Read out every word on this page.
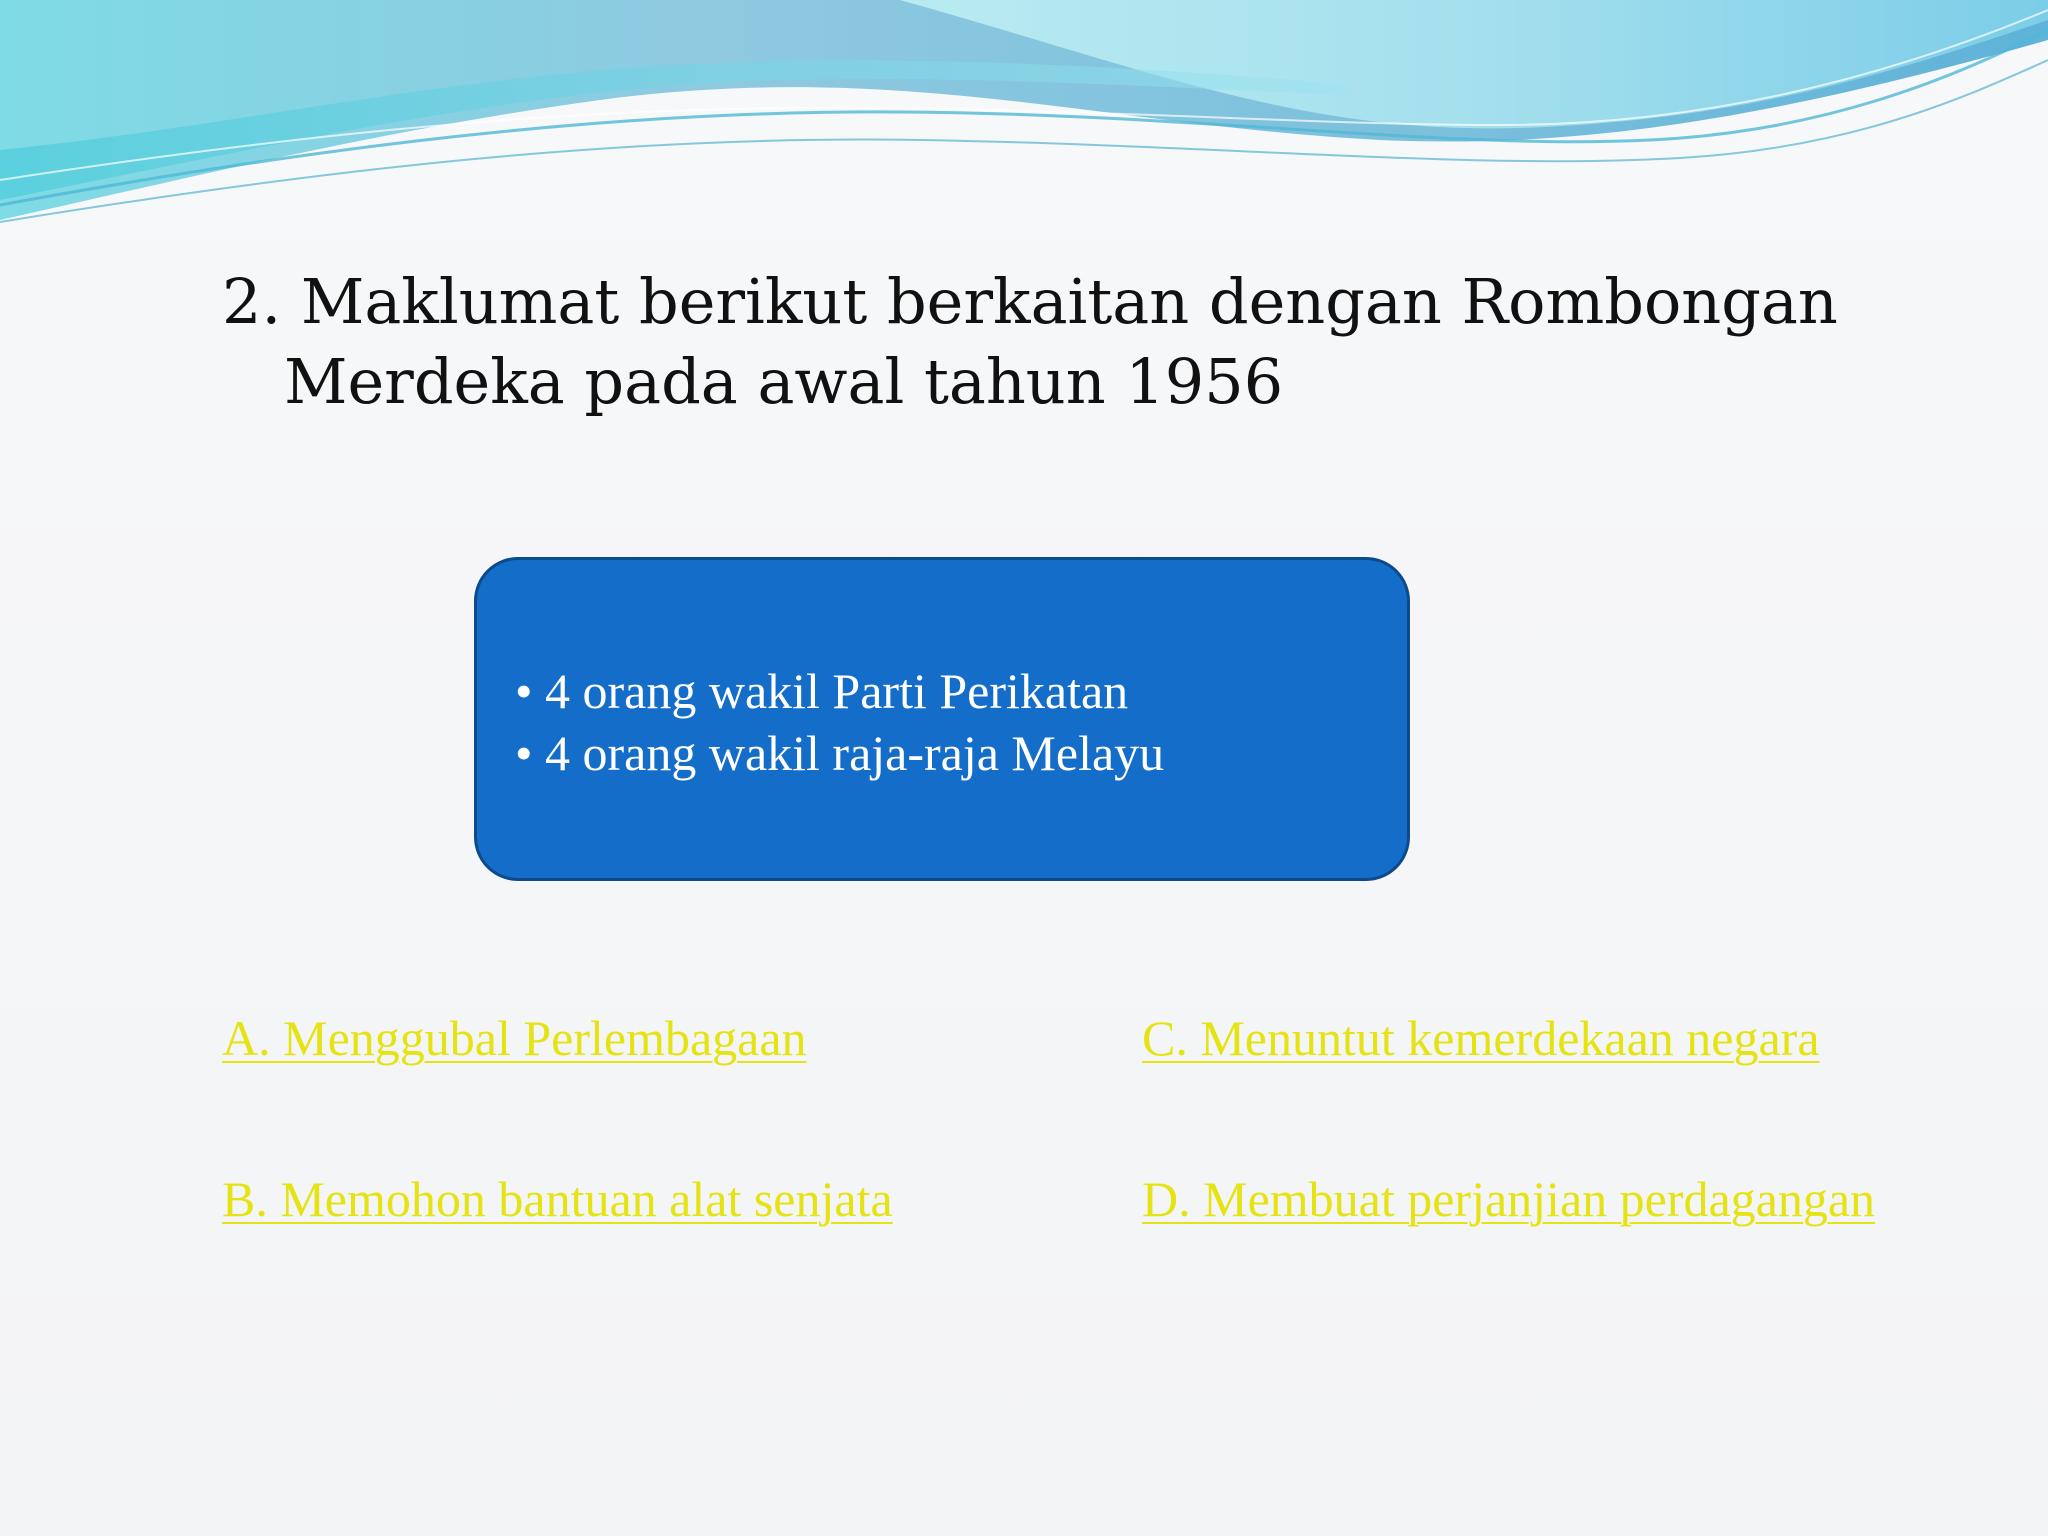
2. Maklumat berikut berkaitan dengan Rombongan
Merdeka pada awal tahun 1956
• 4 orang wakil Parti Perikatan
• 4 orang wakil raja-raja Melayu
A. Menggubal Perlembagaan
B. Memohon bantuan alat senjata
C. Menuntut kemerdekaan negara
D. Membuat perjanjian perdagangan
